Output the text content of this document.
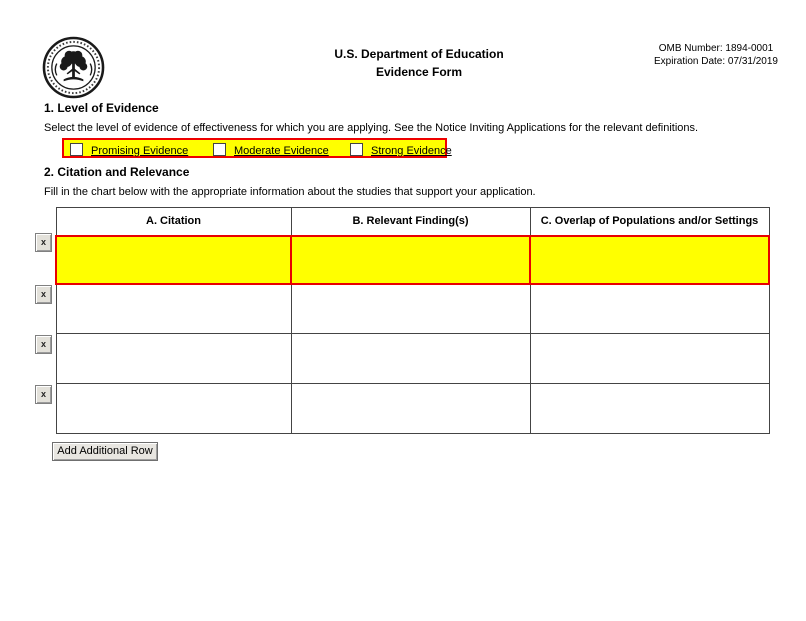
U.S. Department of Education
Evidence Form
OMB Number: 1894-0001
Expiration Date: 07/31/2019
1. Level of Evidence
Select the level of evidence of effectiveness for which you are applying. See the Notice Inviting Applications for the relevant definitions.
Promising Evidence	Moderate Evidence	Strong Evidence
2. Citation and Relevance
Fill in the chart below with the appropriate information about the studies that support your application.
A. Citation	B. Relevant Finding(s)	C. Overlap of Populations and/or Settings

x
x
x
x
Add Additional Row
